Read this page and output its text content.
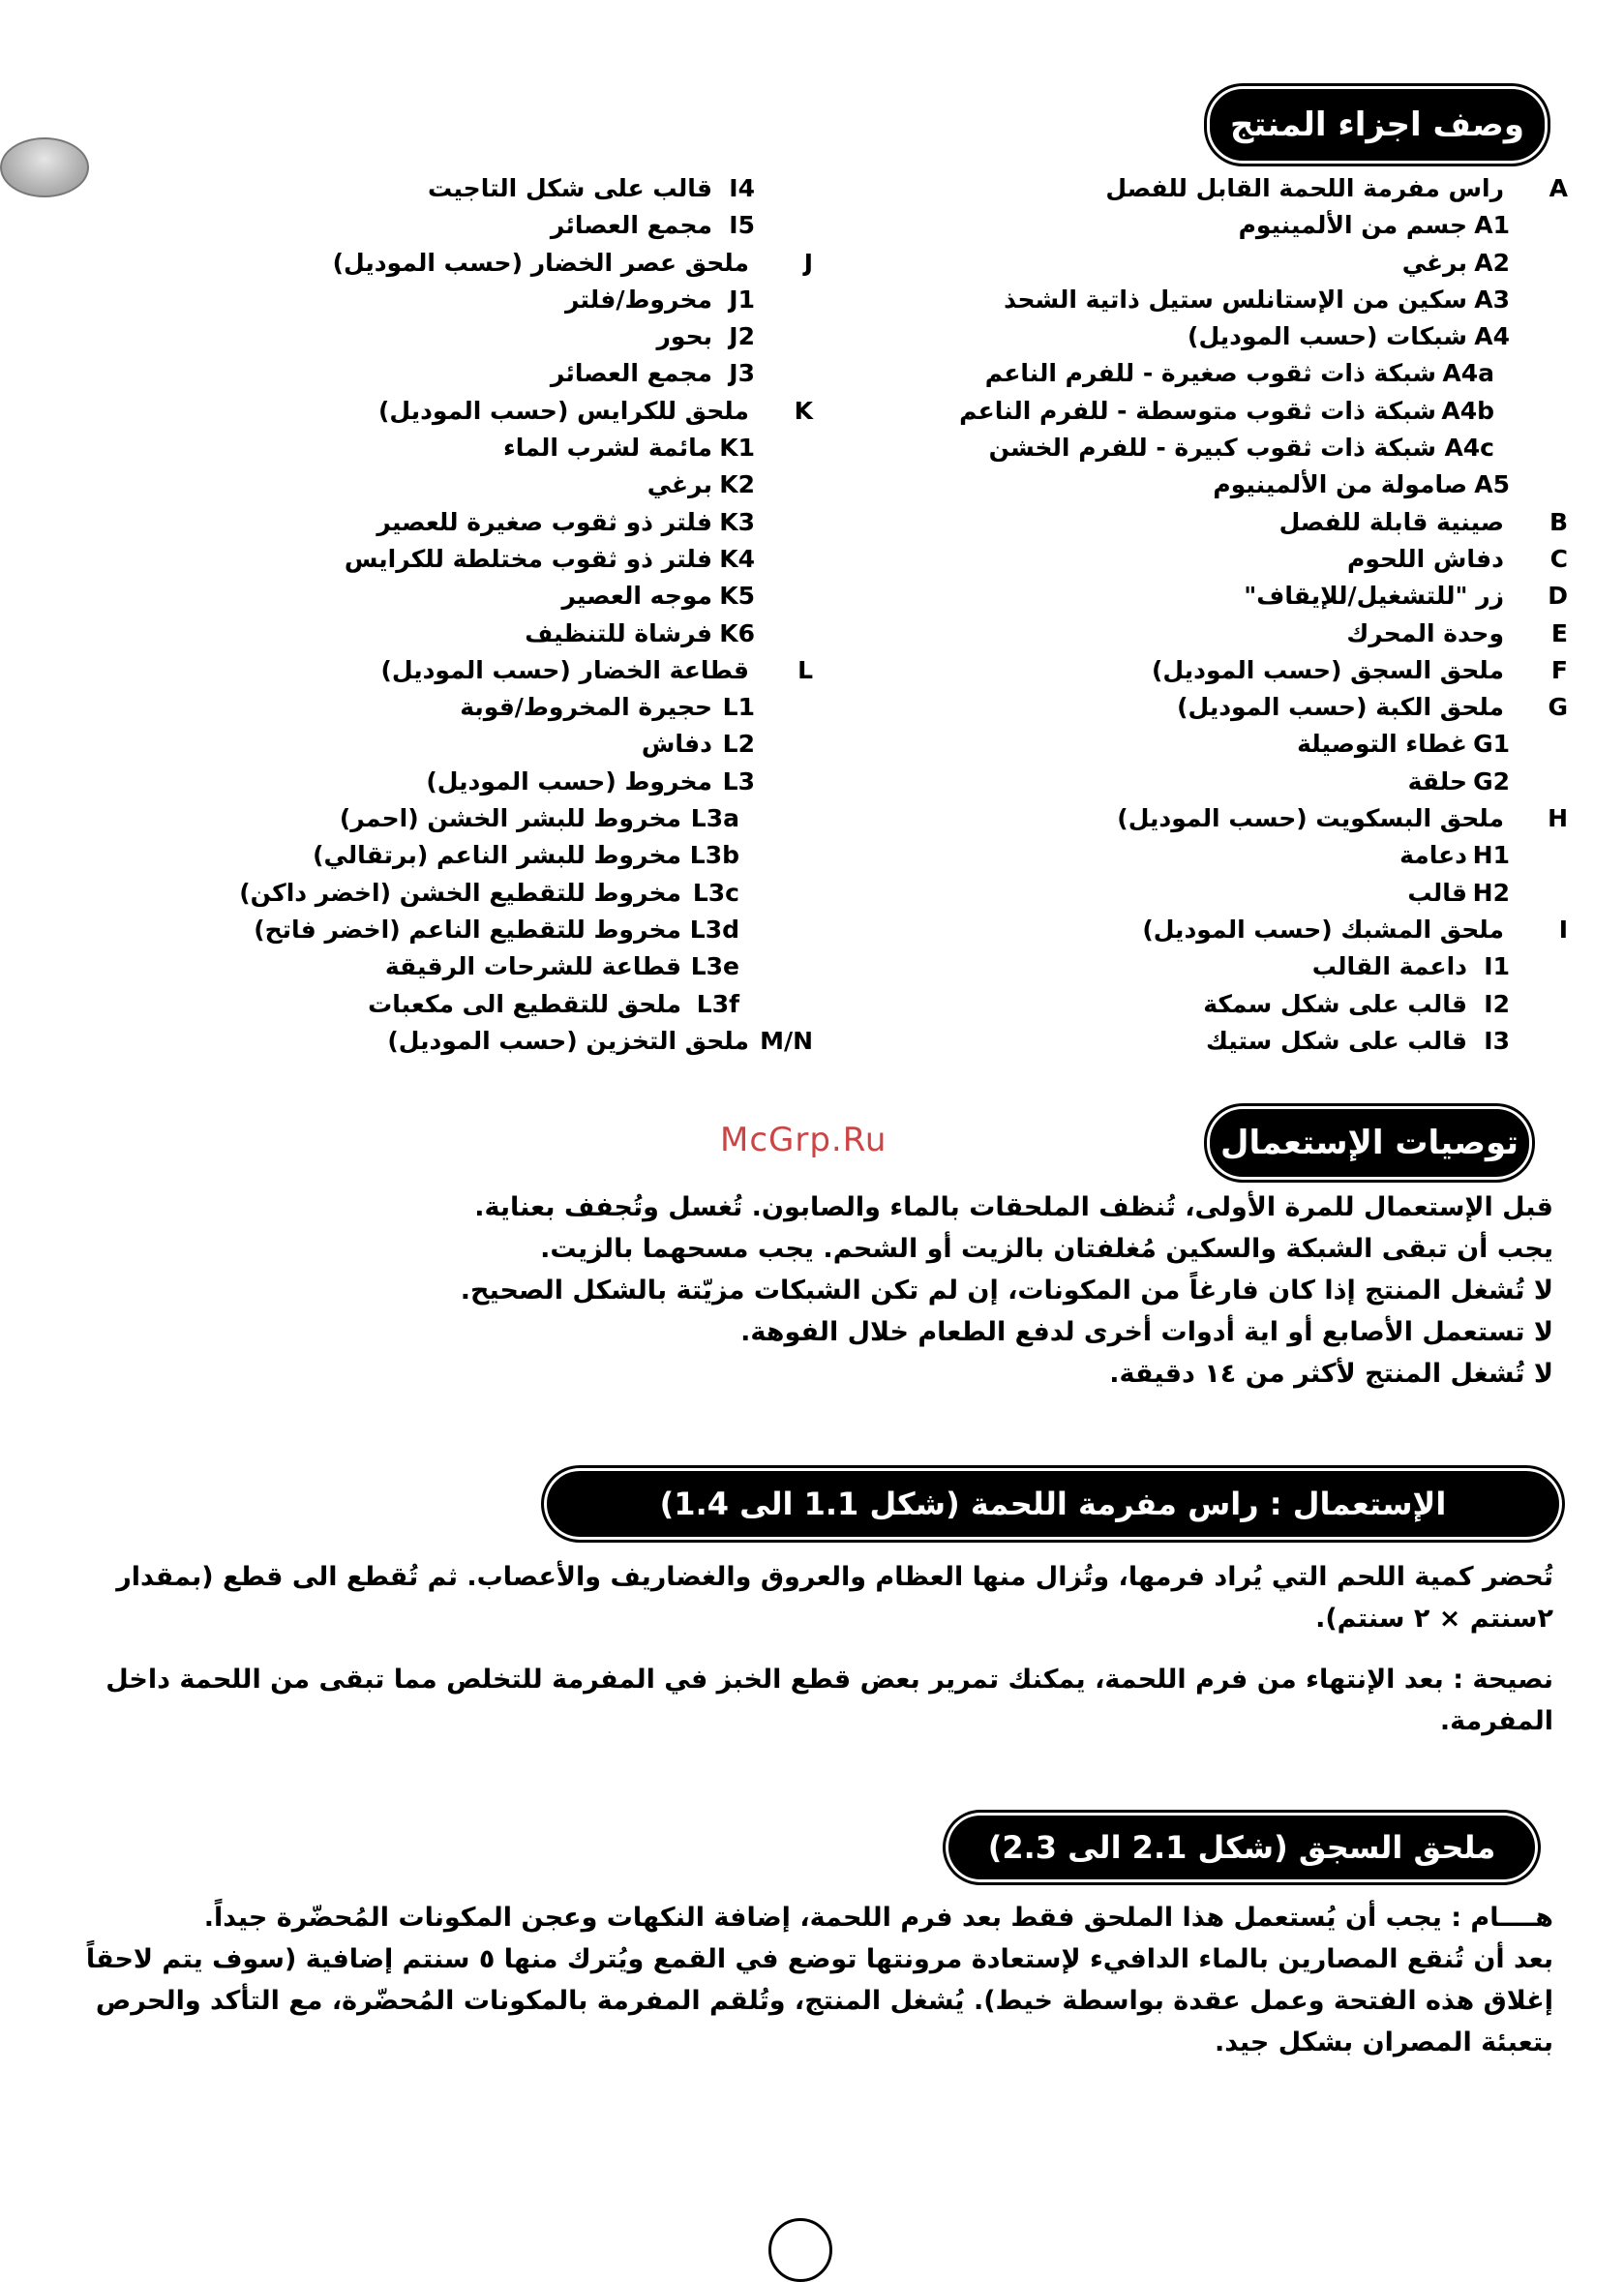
وصف اجزاء المنتج
A
راس مفرمة اللحمة القابل للفصل
A1
جسم من الألمينيوم
A2
برغي
A3
سكين من الإستانلس ستيل ذاتية الشحذ
A4
شبكات (حسب الموديل)
A4a
شبكة ذات ثقوب صغيرة - للفرم الناعم
A4b
شبكة ذات ثقوب متوسطة - للفرم الناعم
A4c
شبكة ذات ثقوب كبيرة - للفرم الخشن
A5
صامولة من الألمينيوم
B
صينية قابلة للفصل
C
دفاش اللحوم
D
زر "للتشغيل/للإيقاف"
E
وحدة المحرك
F
ملحق السجق (حسب الموديل)
G
ملحق الكبة (حسب الموديل)
G1
غطاء التوصيلة
G2
حلقة
H
ملحق البسكويت (حسب الموديل)
H1
دعامة
H2
قالب
I
ملحق المشبك (حسب الموديل)
I1
داعمة القالب
I2
قالب على شكل سمكة
I3
قالب على شكل ستيك
I4
قالب على شكل التاجيت
I5
مجمع العصائر
J
ملحق عصر الخضار (حسب الموديل)
J1
مخروط/فلتر
J2
بحور
J3
مجمع العصائر
K
ملحق للكرايس (حسب الموديل)
K1
مائمة لشرب الماء
K2
برغي
K3
فلتر ذو ثقوب صغيرة للعصير
K4
فلتر ذو ثقوب مختلطة للكرايس
K5
موجه العصير
K6
فرشاة للتنظيف
L
قطاعة الخضار (حسب الموديل)
L1
حجيرة المخروط/قوبة
L2
دفاش
L3
مخروط (حسب الموديل)
L3a
مخروط للبشر الخشن (احمر)
L3b
مخروط للبشر الناعم (برتقالي)
L3c
مخروط للتقطيع الخشن (اخضر داكن)
L3d
مخروط للتقطيع الناعم (اخضر فاتح)
L3e
قطاعة للشرحات الرقيقة
L3f
ملحق للتقطيع الى مكعبات
M/N
ملحق التخزين (حسب الموديل)
توصيات الإستعمال
McGrp.Ru

قبل الإستعمال للمرة الأولى، تُنظف الملحقات بالماء والصابون. تُغسل وتُجفف بعناية.

يجب أن تبقى الشبكة والسكين مُغلفتان بالزيت أو الشحم. يجب مسحهما بالزيت.

لا تُشغل المنتج إذا كان فارغاً من المكونات، إن لم تكن الشبكات مزيّتة بالشكل الصحيح.

لا تستعمل الأصابع أو اية أدوات أخرى لدفع الطعام خلال الفوهة.

لا تُشغل المنتج لأكثر من ١٤ دقيقة.

الإستعمال : راس مفرمة اللحمة (شكل 1.1 الى 1.4)

تُحضر كمية اللحم التي يُراد فرمها، وتُزال منها العظام والعروق والغضاريف والأعصاب. ثم تُقطع الى قطع (بمقدار ٢سنتم × ٢ سنتم).

نصيحة : بعد الإنتهاء من فرم اللحمة، يمكنك تمرير بعض قطع الخبز في المفرمة للتخلص مما تبقى من اللحمة داخل المفرمة.

ملحق السجق (شكل 2.1 الى 2.3)

هــــام : يجب أن يُستعمل هذا الملحق فقط بعد فرم اللحمة، إضافة النكهات وعجن المكونات المُحضّرة جيداً.

بعد أن تُنقع المصارين بالماء الدافيء لإستعادة مرونتها توضع في القمع ويُترك منها ٥ سنتم إضافية (سوف يتم لاحقاً إغلاق هذه الفتحة وعمل عقدة بواسطة خيط). يُشغل المنتج، وتُلقم المفرمة بالمكونات المُحضّرة، مع التأكد والحرص بتعبئة المصران بشكل جيد.
